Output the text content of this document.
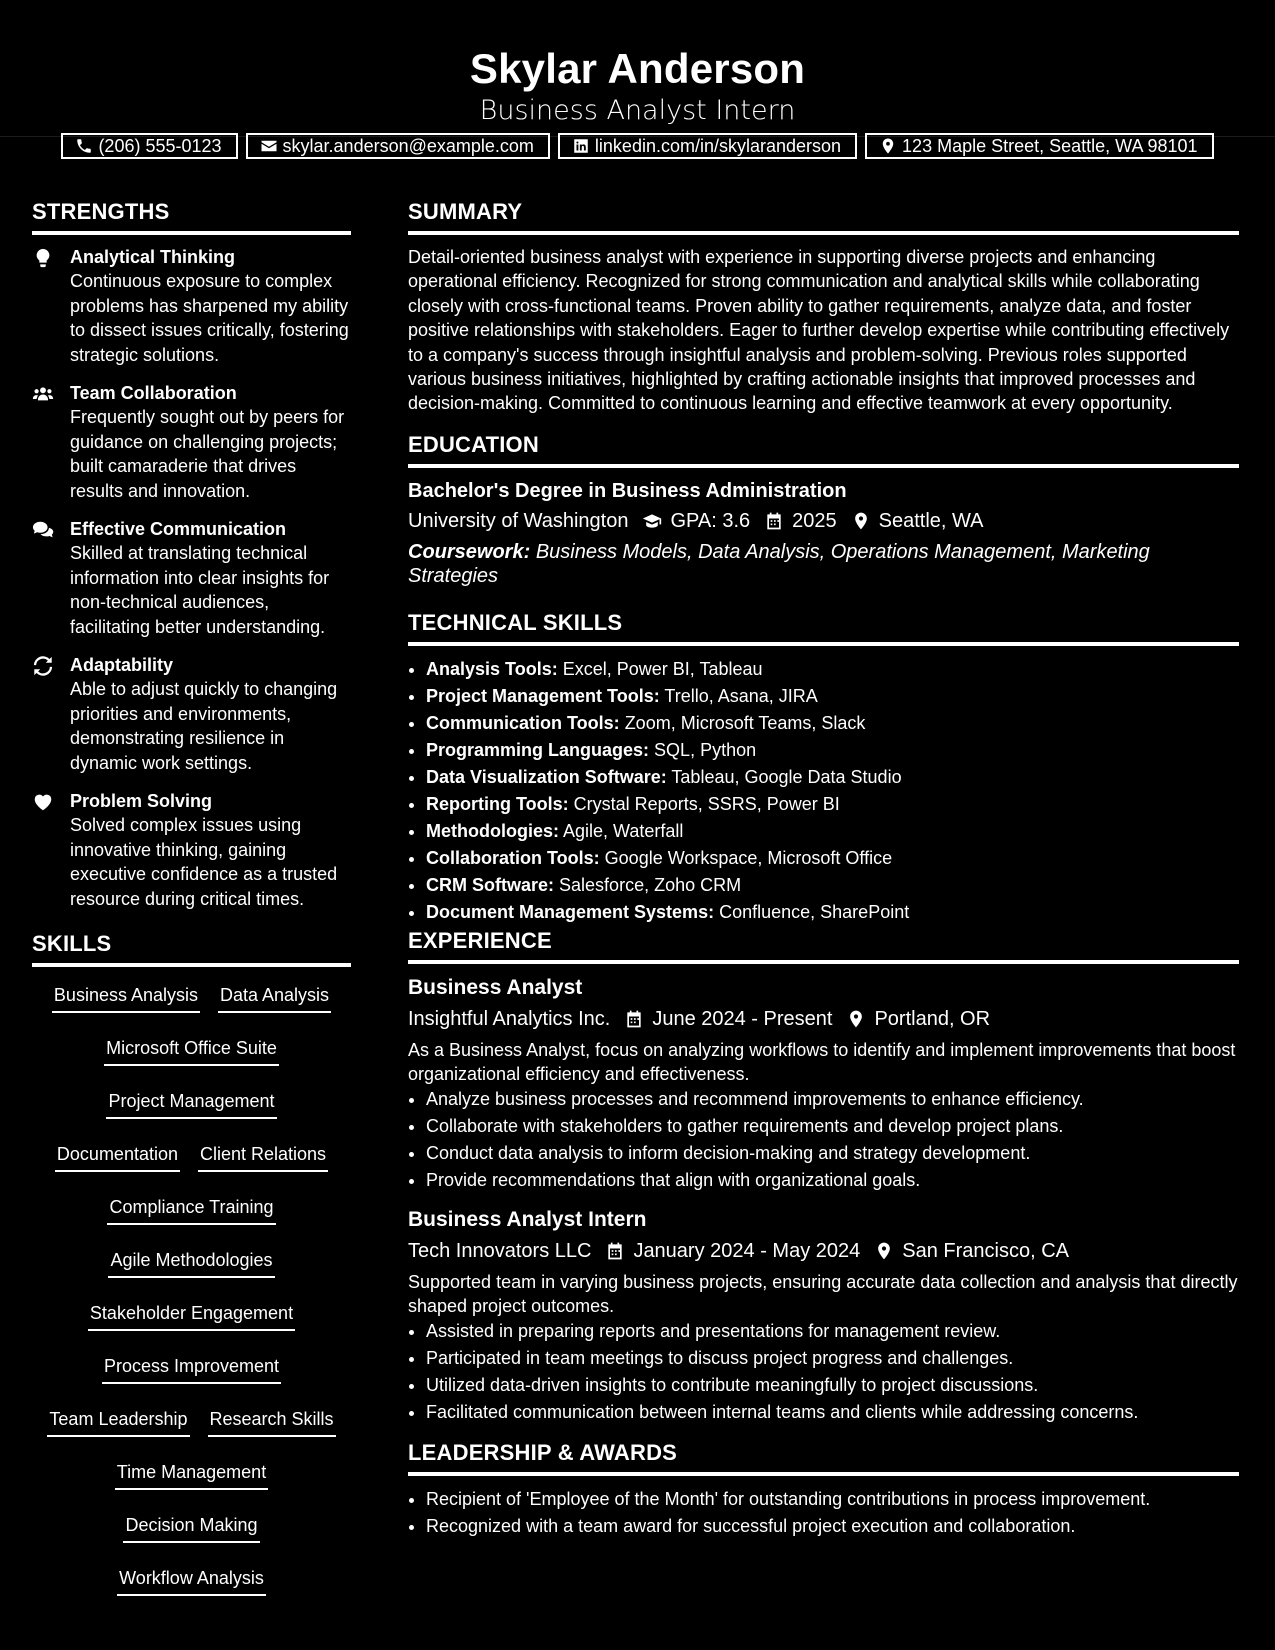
Skylar Anderson
Business Analyst Intern
(206) 555-0123	skylar.anderson@example.com	linkedin.com/in/skylaranderson	123 Maple Street, Seattle, WA 98101
STRENGTHS
Analytical Thinking
Continuous exposure to complex problems has sharpened my ability to dissect issues critically, fostering strategic solutions.
Team Collaboration
Frequently sought out by peers for guidance on challenging projects; built camaraderie that drives results and innovation.
Effective Communication
Skilled at translating technical information into clear insights for non-technical audiences, facilitating better understanding.
Adaptability
Able to adjust quickly to changing priorities and environments, demonstrating resilience in dynamic work settings.
Problem Solving
Solved complex issues using innovative thinking, gaining executive confidence as a trusted resource during critical times.
SKILLS
Business Analysis Data Analysis
Microsoft Office Suite
Project Management
Documentation Client Relations
Compliance Training
Agile Methodologies
Stakeholder Engagement
Process Improvement
Team Leadership Research Skills
Time Management
Decision Making
Workflow Analysis
SUMMARY
Detail-oriented business analyst with experience in supporting diverse projects and enhancing operational efficiency. Recognized for strong communication and analytical skills while collaborating closely with cross-functional teams. Proven ability to gather requirements, analyze data, and foster positive relationships with stakeholders. Eager to further develop expertise while contributing effectively to a company's success through insightful analysis and problem-solving. Previous roles supported various business initiatives, highlighted by crafting actionable insights that improved processes and decision-making. Committed to continuous learning and effective teamwork at every opportunity.
EDUCATION
Bachelor's Degree in Business Administration
University of Washington GPA: 3.6 2025 Seattle, WA
Coursework: Business Models, Data Analysis, Operations Management, Marketing Strategies
TECHNICAL SKILLS
• Analysis Tools: Excel, Power BI, Tableau
• Project Management Tools: Trello, Asana, JIRA
• Communication Tools: Zoom, Microsoft Teams, Slack
• Programming Languages: SQL, Python
• Data Visualization Software: Tableau, Google Data Studio
• Reporting Tools: Crystal Reports, SSRS, Power BI
• Methodologies: Agile, Waterfall
• Collaboration Tools: Google Workspace, Microsoft Office
• CRM Software: Salesforce, Zoho CRM
• Document Management Systems: Confluence, SharePoint
EXPERIENCE
Business Analyst
Insightful Analytics Inc. June 2024 - Present Portland, OR
As a Business Analyst, focus on analyzing workflows to identify and implement improvements that boost organizational efficiency and effectiveness.
• Analyze business processes and recommend improvements to enhance efficiency.
• Collaborate with stakeholders to gather requirements and develop project plans.
• Conduct data analysis to inform decision-making and strategy development.
• Provide recommendations that align with organizational goals.
Business Analyst Intern
Tech Innovators LLC January 2024 - May 2024 San Francisco, CA
Supported team in varying business projects, ensuring accurate data collection and analysis that directly shaped project outcomes.
• Assisted in preparing reports and presentations for management review.
• Participated in team meetings to discuss project progress and challenges.
• Utilized data-driven insights to contribute meaningfully to project discussions.
• Facilitated communication between internal teams and clients while addressing concerns.
LEADERSHIP & AWARDS
• Recipient of 'Employee of the Month' for outstanding contributions in process improvement.
• Recognized with a team award for successful project execution and collaboration.
